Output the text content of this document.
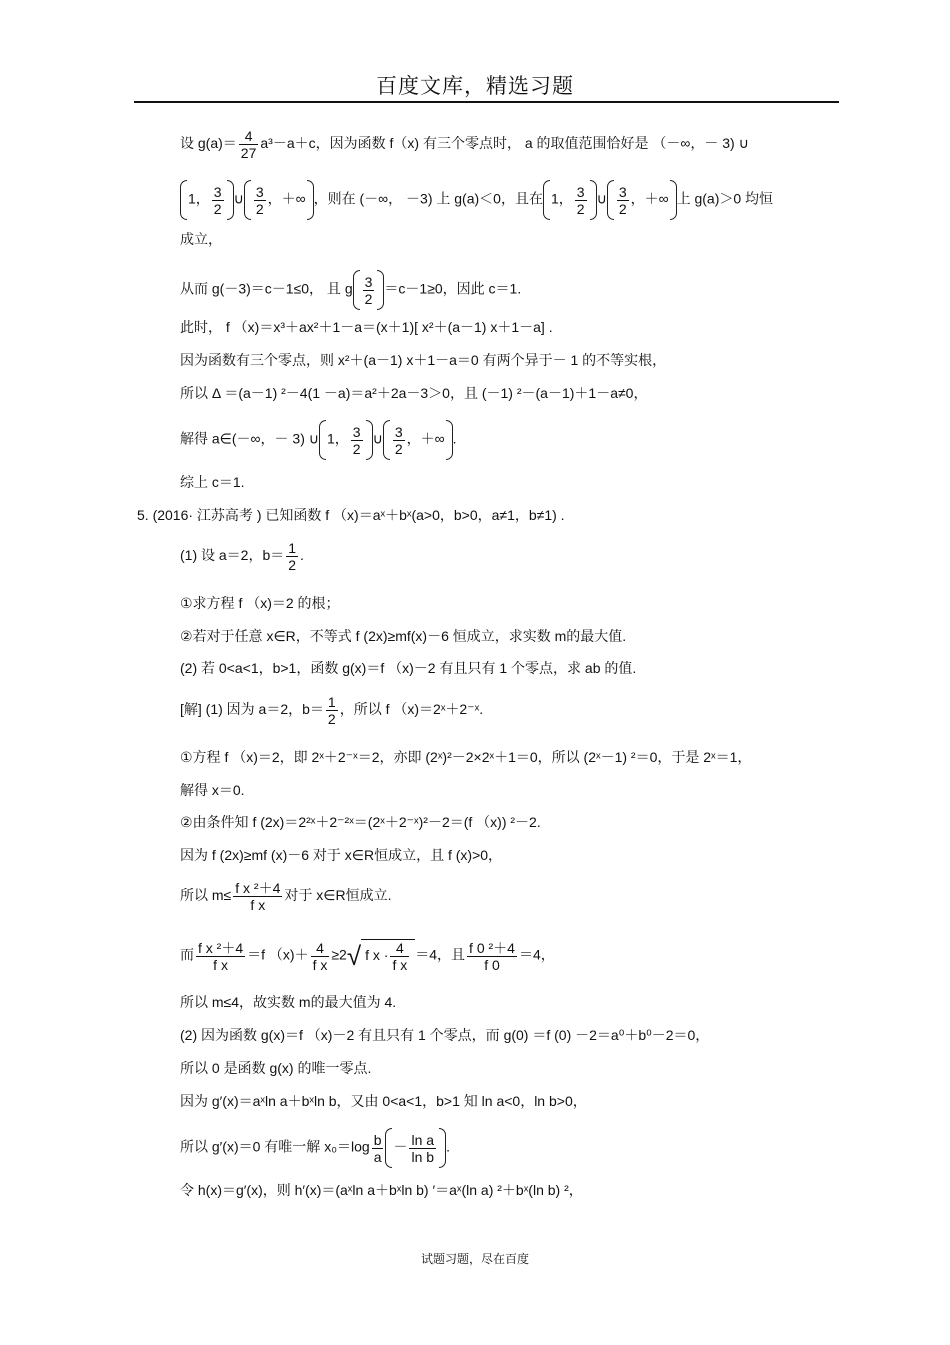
百度文库，精选习题
设 $g(a)= \frac{4}{27} a^3-a+c$，因为函数 f（x) 有三个零点时， a 的取值范围恰好是 （－∞，－ 3) ∪
1， $\frac{3}{2}$ ∪ $\frac{3}{2}$ ，＋∞ ，则在 (－∞， －3) 上 g(a)＜0，且在 1， $\frac{3}{2}$ ∪ $\frac{3}{2}$ ，＋∞ 上 g(a)＞0 均恒
成立，
从而 g(－3)＝c－1≤0， 且 g $\frac{3}{2} =c-1\ge 0$，因此 c＝1.
此时， f （x)＝x³＋ax²＋1－a＝(x＋1)[ x²＋(a－1) x＋1－a] .
因为函数有三个零点，则 x²＋(a－1) x＋1－a＝0 有两个异于－ 1 的不等实根，
所以 Δ ＝(a－1) ²－4(1 －a)＝a²＋2a－3＞0，且 (－1) ²－(a－1)＋1－a≠0，
解得 a∈(－∞，－ 3) ∪ 1， $\frac{3}{2}$ ∪ $\frac{3}{2}$ ，＋∞ .
综上 c＝1.
5. (2016· 江苏高考 ) 已知函数 f （x)＝aˣ＋bˣ(a>0，b>0，a≠1，b≠1) .
(1) 设 a＝2，$b= \frac{1}{2}$ .
①求方程 f （x)＝2 的根；
②若对于任意 x∈R，不等式 f (2x)≥mf(x)－6 恒成立，求实数 m的最大值.
(2) 若 0<a<1，b>1，函数 g(x)＝f （x)－2 有且只有 1 个零点，求 ab 的值.
[解] (1) 因为 a＝2，$b= \frac{1}{2}$ ，所以 f （x)＝2ˣ＋2⁻ˣ.
①方程 f （x)＝2，即 2ˣ＋2⁻ˣ＝2，亦即 (2ˣ)²－2×2ˣ＋1＝0，所以 (2ˣ－1) ²＝0，于是 2ˣ＝1，
解得 x＝0.
②由条件知 f (2x)＝2²ˣ＋2⁻²ˣ＝(2ˣ＋2⁻ˣ)²－2＝(f （x)) ²－2.
因为 f (2x)≥mf (x)－6 对于 x∈R恒成立，且 f (x)>0，
所以 $m\le \frac{\text{f x ²＋4}}{\text{f x}}$ 对于 x∈R恒成立.
而 $\frac{\text{f x ²＋4}}{\text{f x}} =f$ $(x)+ \frac{4}{\text{f x}} \ge 2√$ f $x \cdot \frac{4}{\text{f x}} =4$，且 $\frac{\text{f 0 ²＋4}}{f 0} =4$，
所以 m≤4，故实数 m的最大值为 4.
(2) 因为函数 g(x)＝f （x)－2 有且只有 1 个零点，而 g(0) ＝f (0) －2＝a⁰＋b⁰－2＝0，
所以 0 是函数 g(x) 的唯一零点.
因为 g′(x)＝aˣln a＋bˣln b，又由 0<a<1，b>1 知 ln a<0，ln b>0，
所以 g′(x)＝0 有唯一解 $x_0=\log \frac{b}{a} - \frac{\text{ln a}}{\text{ln b}}$ .
令 h(x)＝g′(x)，则 h′(x)＝(aˣln a＋bˣln b) ′＝aˣ(ln a) ²＋bˣ(ln b) ²，
试题习题，尽在百度
